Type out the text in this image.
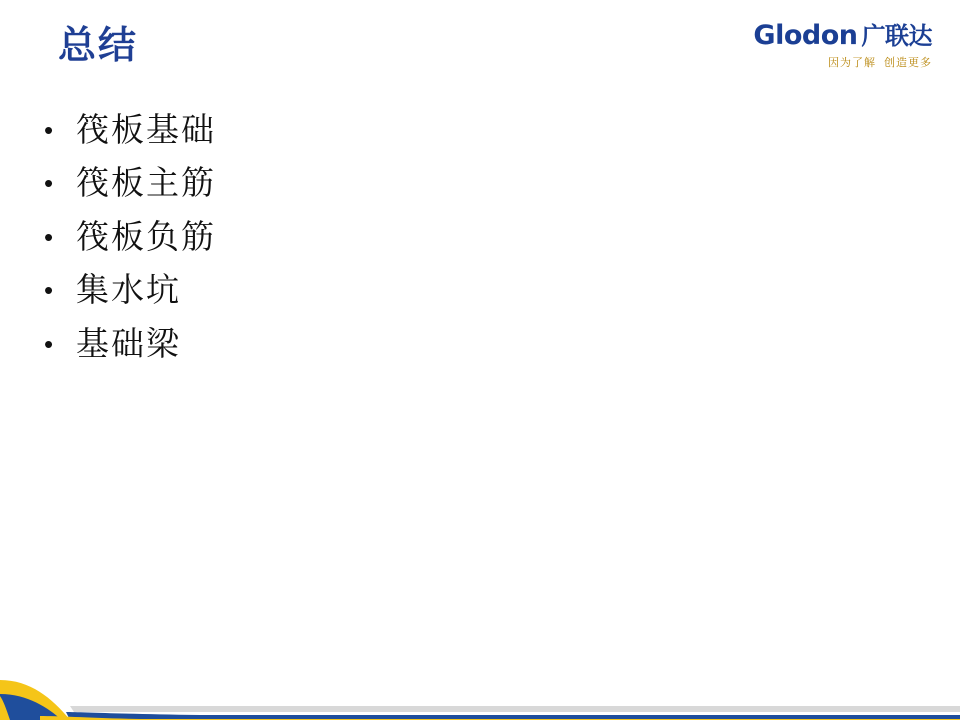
Glodon 广联达
因为了解 创造更多
总结
• 筏板基础
• 筏板主筋
• 筏板负筋
• 集水坑
• 基础梁
